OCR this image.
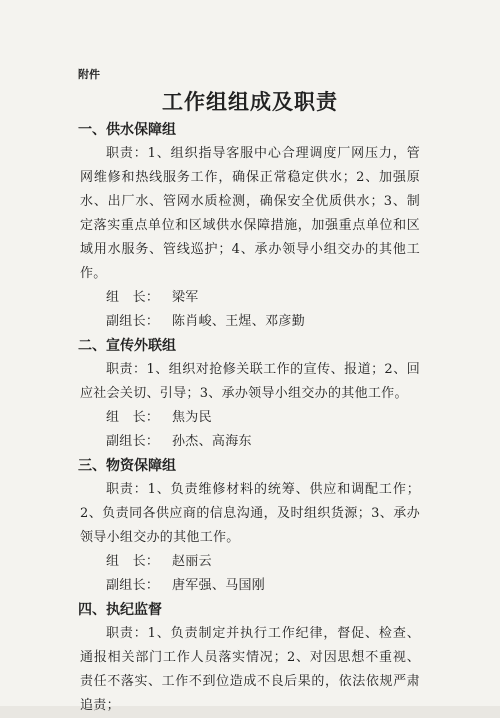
附件
工作组组成及职责
一、供水保障组

职责：1、组织指导客服中心合理调度厂网压力，管网维修和热线服务工作，确保正常稳定供水；2、加强原水、出厂水、管网水质检测，确保安全优质供水；3、制定落实重点单位和区域供水保障措施，加强重点单位和区域用水服务、管线巡护；4、承办领导小组交办的其他工作。

组　长： 梁军
副组长： 陈肖峻、王煋、邓彦勤
二、宣传外联组

职责：1、组织对抢修关联工作的宣传、报道；2、回应社会关切、引导；3、承办领导小组交办的其他工作。

组　长： 焦为民
副组长： 孙杰、高海东
三、物资保障组

职责：1、负责维修材料的统筹、供应和调配工作；2、负责同各供应商的信息沟通，及时组织货源；3、承办领导小组交办的其他工作。

组　长： 赵丽云
副组长： 唐军强、马国刚
四、执纪监督

职责：1、负责制定并执行工作纪律，督促、检查、通报相关部门工作人员落实情况；2、对因思想不重视、责任不落实、工作不到位造成不良后果的，依法依规严肃追责；
